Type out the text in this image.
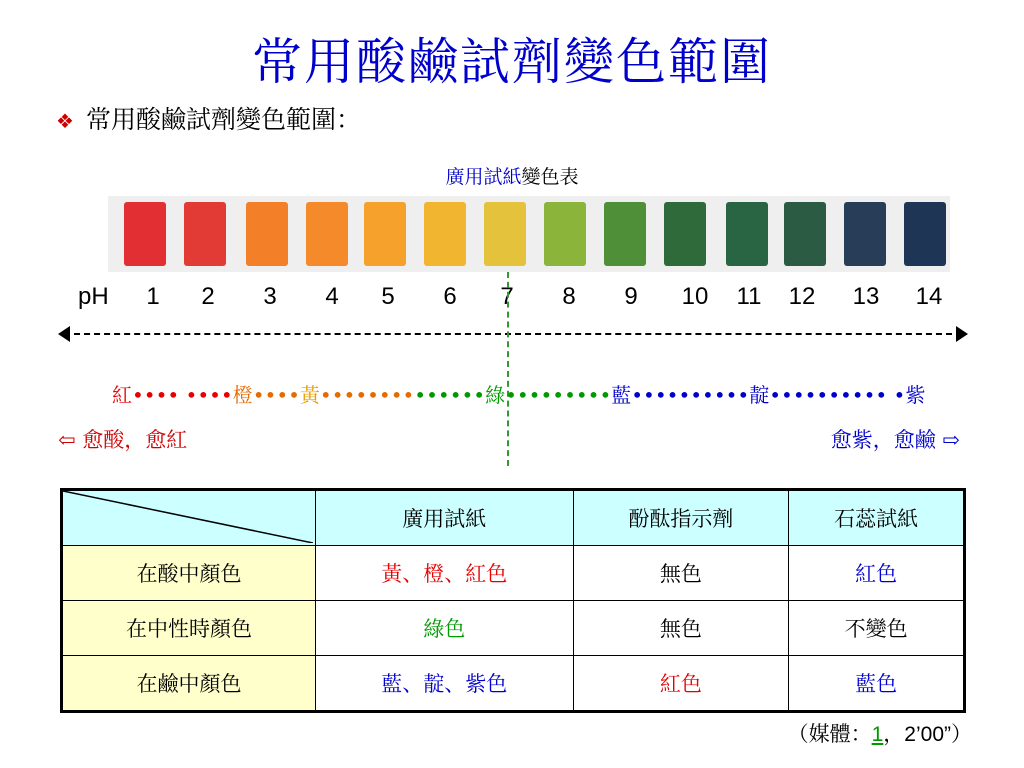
常用酸鹼試劑變色範圍
❖ 常用酸鹼試劑變色範圍：
廣用試紙變色表
pH 1 2 3 4 5 6 7 8 9 10 11 12 13 14
紅•••• ••••橙••••黃••••••••••••••綠•••••••••藍••••••••••靛•••••••••• •紫
⇦ 愈酸，愈紅	愈紫，愈鹼 ⇨
	廣用試紙	酚酞指示劑	石蕊試紙
在酸中顏色	黃、橙、紅色	無色	紅色
在中性時顏色	綠色	無色	不變色
在鹼中顏色	藍、靛、紫色	紅色	藍色
（媒體：1，2’00”）
